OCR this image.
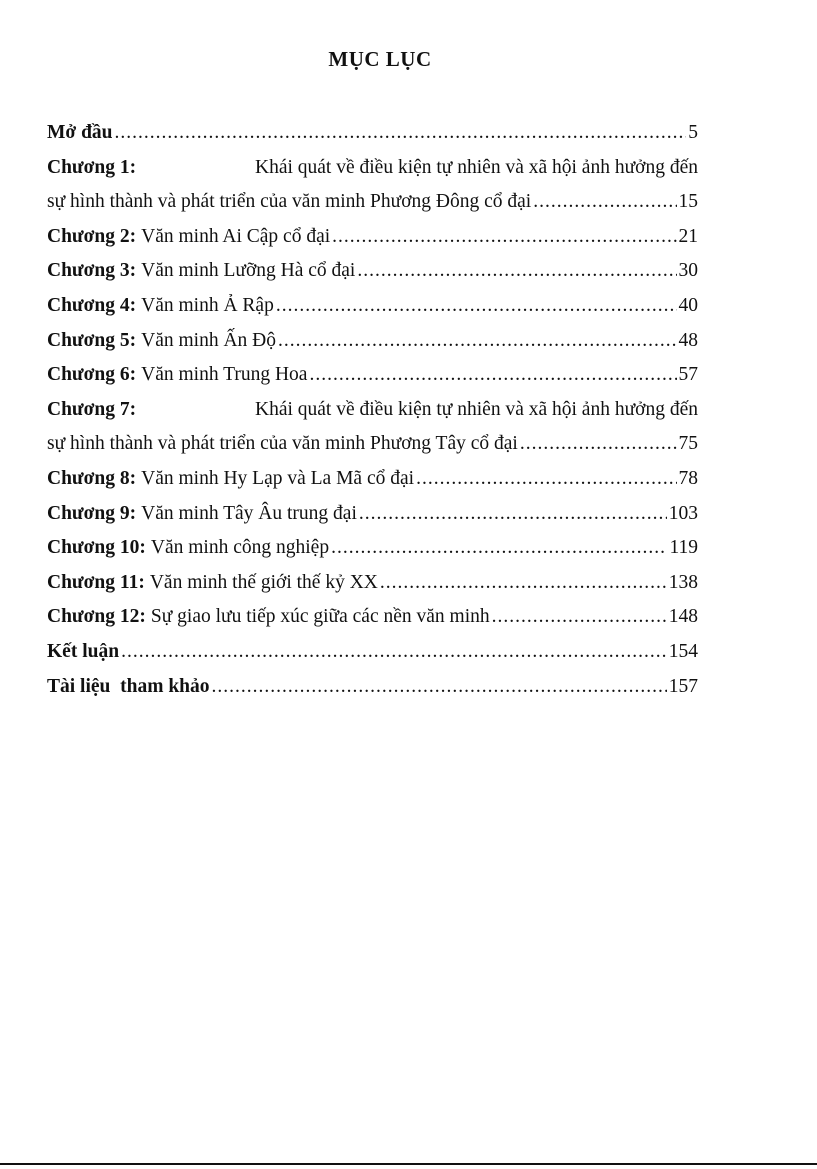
MỤC LỤC
Mở đầu .....	5
Chương 1:	Khái quát về điều kiện tự nhiên và xã hội ảnh hưởng đến
sự hình thành và phát triển của văn minh Phương Đông cổ đại .....	15
Chương 2: Văn minh Ai Cập cổ đại .....	21
Chương 3: Văn minh Lưỡng Hà cổ đại .....	30
Chương 4: Văn minh Ả Rập .....	40
Chương 5: Văn minh Ấn Độ .....	48
Chương 6: Văn minh Trung Hoa .....	57
Chương 7:	Khái quát về điều kiện tự nhiên và xã hội ảnh hưởng đến
sự hình thành và phát triển của văn minh Phương Tây cổ đại .....	75
Chương 8: Văn minh Hy Lạp và La Mã cổ đại .....	78
Chương 9: Văn minh Tây Âu trung đại .....	103
Chương 10: Văn minh công nghiệp .....	119
Chương 11: Văn minh thế giới thế kỷ XX .....	138
Chương 12: Sự giao lưu tiếp xúc giữa các nền văn minh .....	148
Kết luận .....	154
Tài liệu  tham khảo .....	157
